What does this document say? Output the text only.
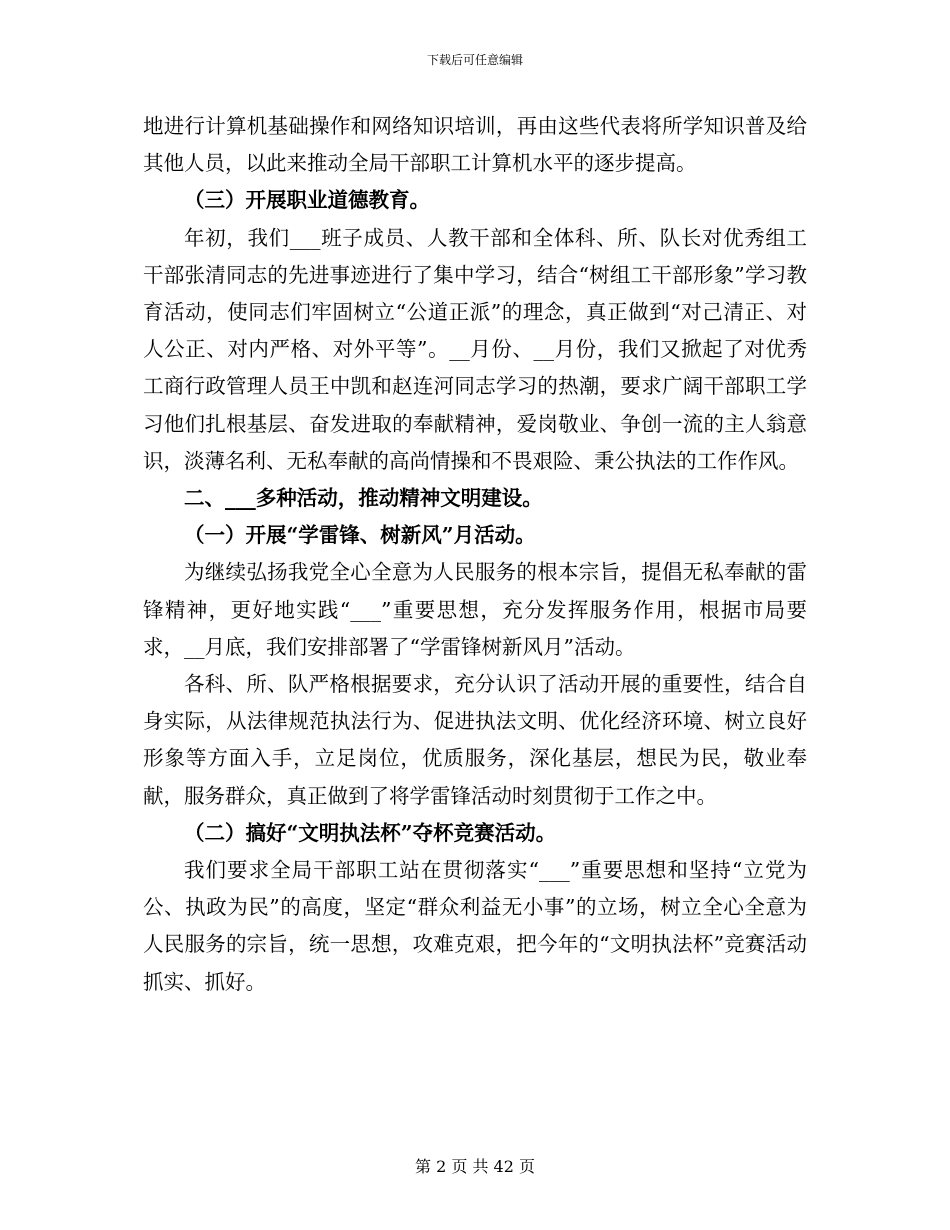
下载后可任意编辑

地进行计算机基础操作和网络知识培训，再由这些代表将所学知识普及给其他人员，以此来推动全局干部职工计算机水平的逐步提高。

（三）开展职业道德教育。

年初，我们___班子成员、人教干部和全体科、所、队长对优秀组工干部张清同志的先进事迹进行了集中学习，结合“树组工干部形象”学习教育活动，使同志们牢固树立“公道正派”的理念，真正做到“对己清正、对人公正、对内严格、对外平等”。__月份、__月份，我们又掀起了对优秀工商行政管理人员王中凯和赵连河同志学习的热潮，要求广阔干部职工学习他们扎根基层、奋发进取的奉献精神，爱岗敬业、争创一流的主人翁意识，淡薄名利、无私奉献的高尚情操和不畏艰险、秉公执法的工作作风。

二、___多种活动，推动精神文明建设。

（一）开展“学雷锋、树新风”月活动。

为继续弘扬我党全心全意为人民服务的根本宗旨，提倡无私奉献的雷锋精神，更好地实践“___”重要思想，充分发挥服务作用，根据市局要求，__月底，我们安排部署了“学雷锋树新风月”活动。

各科、所、队严格根据要求，充分认识了活动开展的重要性，结合自身实际，从法律规范执法行为、促进执法文明、优化经济环境、树立良好形象等方面入手，立足岗位，优质服务，深化基层，想民为民，敬业奉献，服务群众，真正做到了将学雷锋活动时刻贯彻于工作之中。

（二）搞好“文明执法杯”夺杯竞赛活动。

我们要求全局干部职工站在贯彻落实“___”重要思想和坚持“立党为公、执政为民”的高度，坚定“群众利益无小事”的立场，树立全心全意为人民服务的宗旨，统一思想，攻难克艰，把今年的“文明执法杯”竞赛活动抓实、抓好。

第 2 页 共 42 页
